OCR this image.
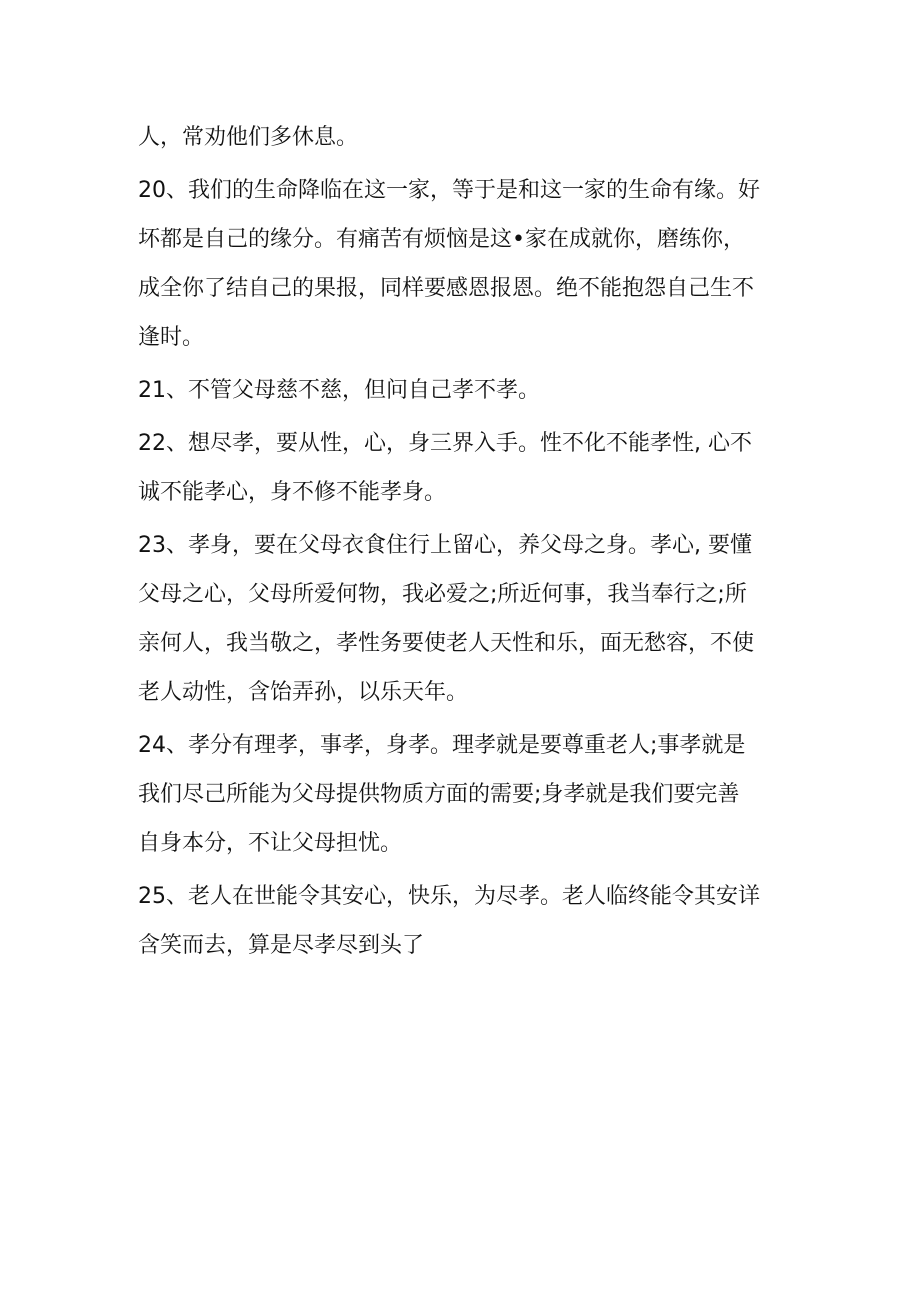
人，常劝他们多休息。
20、我们的生命降临在这一家，等于是和这一家的生命有缘。好
坏都是自己的缘分。有痛苦有烦恼是这•家在成就你，磨练你，
成全你了结自己的果报，同样要感恩报恩。绝不能抱怨自己生不
逢时。
21、不管父母慈不慈，但问自己孝不孝。
22、想尽孝，要从性，心，身三界入手。性不化不能孝性, 心不
诚不能孝心，身不修不能孝身。
23、孝身，要在父母衣食住行上留心，养父母之身。孝心, 要懂
父母之心，父母所爱何物，我必爱之;所近何事，我当奉行之;所
亲何人，我当敬之，孝性务要使老人天性和乐，面无愁容，不使
老人动性，含饴弄孙，以乐天年。
24、孝分有理孝，事孝，身孝。理孝就是要尊重老人;事孝就是
我们尽己所能为父母提供物质方面的需要;身孝就是我们要完善
自身本分，不让父母担忧。
25、老人在世能令其安心，快乐，为尽孝。老人临终能令其安详
含笑而去，算是尽孝尽到头了
